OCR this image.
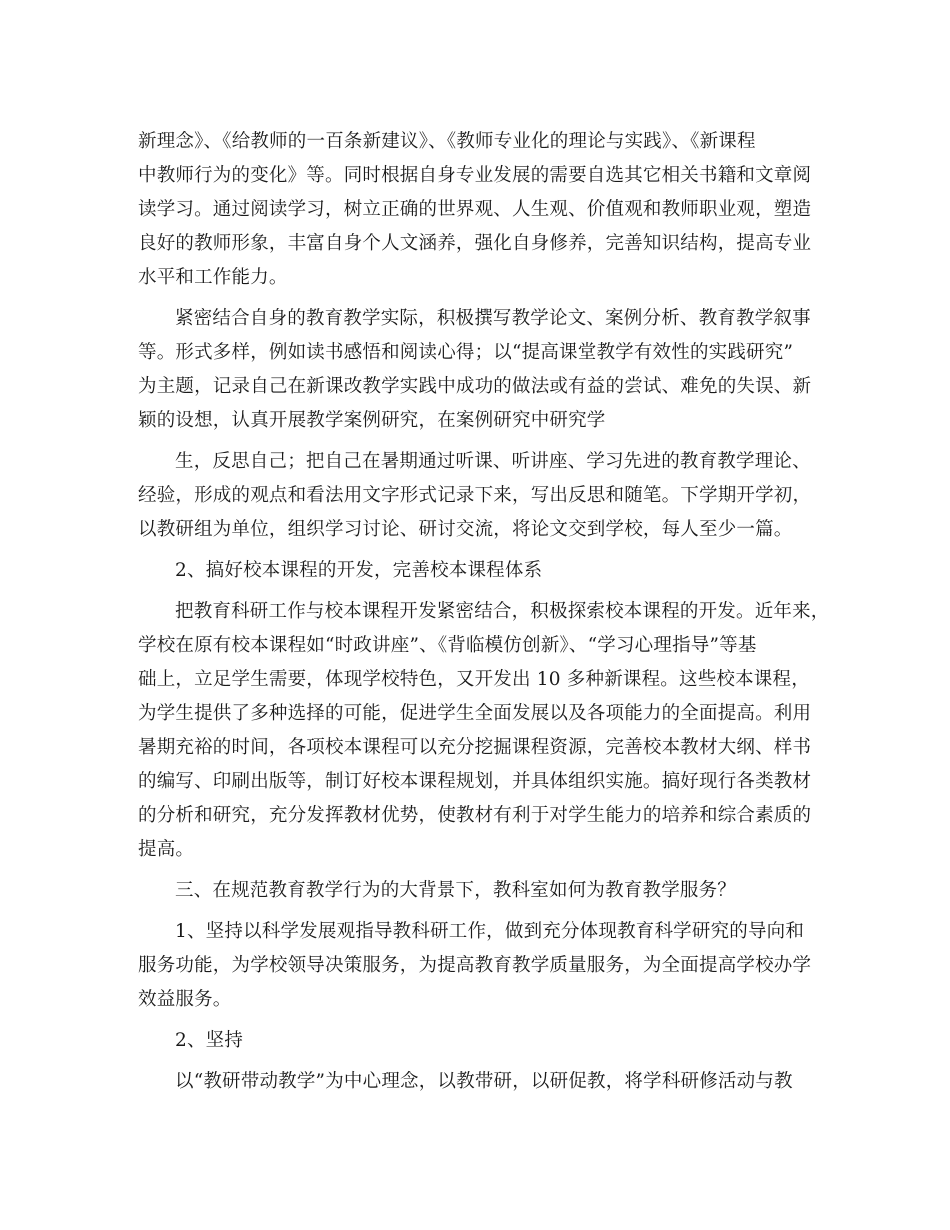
新理念》、《给教师的一百条新建议》、《教师专业化的理论与实践》、《新课程
中教师行为的变化》等。同时根据自身专业发展的需要自选其它相关书籍和文章阅
读学习。通过阅读学习，树立正确的世界观、人生观、价值观和教师职业观，塑造
良好的教师形象，丰富自身个人文涵养，强化自身修养，完善知识结构，提高专业
水平和工作能力。
紧密结合自身的教育教学实际，积极撰写教学论文、案例分析、教育教学叙事
等。形式多样，例如读书感悟和阅读心得；以“提高课堂教学有效性的实践研究”
为主题，记录自己在新课改教学实践中成功的做法或有益的尝试、难免的失误、新
颖的设想，认真开展教学案例研究，在案例研究中研究学
生，反思自己；把自己在暑期通过听课、听讲座、学习先进的教育教学理论、
经验，形成的观点和看法用文字形式记录下来，写出反思和随笔。下学期开学初，
以教研组为单位，组织学习讨论、研讨交流，将论文交到学校，每人至少一篇。
2、搞好校本课程的开发，完善校本课程体系
把教育科研工作与校本课程开发紧密结合，积极探索校本课程的开发。近年来，
学校在原有校本课程如“时政讲座”、《背临模仿创新》、“学习心理指导”等基
础上，立足学生需要，体现学校特色，又开发出 10 多种新课程。这些校本课程，
为学生提供了多种选择的可能，促进学生全面发展以及各项能力的全面提高。利用
暑期充裕的时间，各项校本课程可以充分挖掘课程资源，完善校本教材大纲、样书
的编写、印刷出版等，制订好校本课程规划，并具体组织实施。搞好现行各类教材
的分析和研究，充分发挥教材优势，使教材有利于对学生能力的培养和综合素质的
提高。
三、在规范教育教学行为的大背景下，教科室如何为教育教学服务？
1、坚持以科学发展观指导教科研工作，做到充分体现教育科学研究的导向和
服务功能，为学校领导决策服务，为提高教育教学质量服务，为全面提高学校办学
效益服务。
2、坚持
以“教研带动教学”为中心理念，以教带研，以研促教，将学科研修活动与教
